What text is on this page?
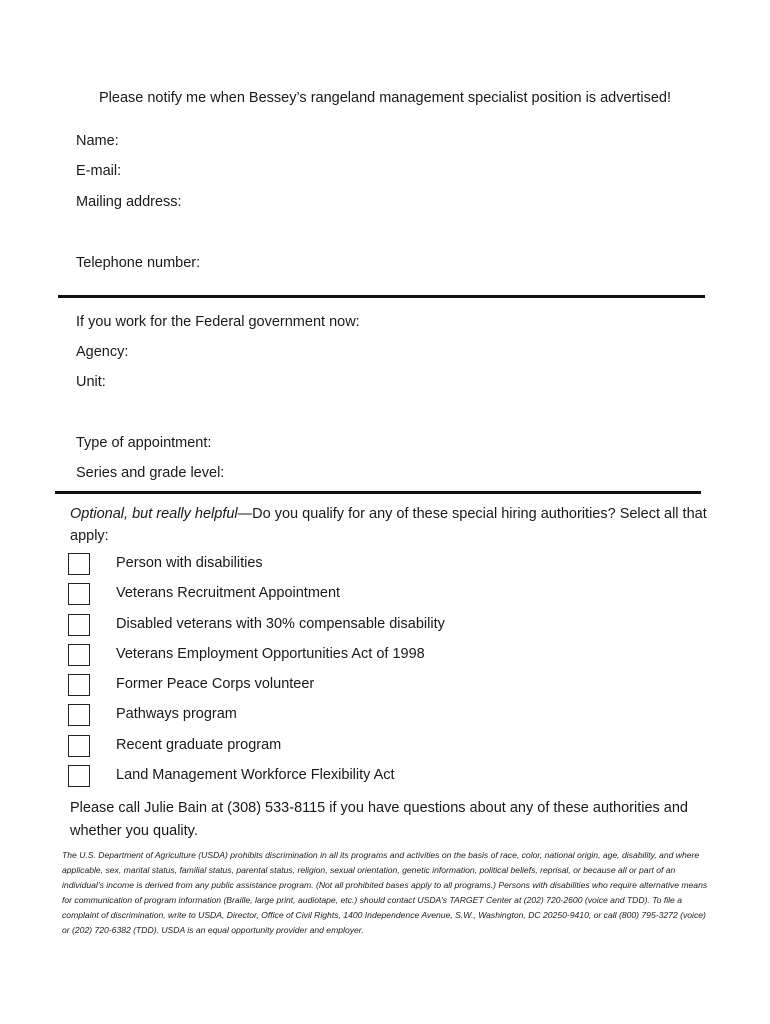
Please notify me when Bessey’s rangeland management specialist position is advertised!
Name:
E-mail:
Mailing address:
Telephone number:
If you work for the Federal government now:
Agency:
Unit:
Type of appointment:
Series and grade level:
Optional, but really helpful—Do you qualify for any of these special hiring authorities? Select all that apply:
Person with disabilities
Veterans Recruitment Appointment
Disabled veterans with 30% compensable disability
Veterans Employment Opportunities Act of 1998
Former Peace Corps volunteer
Pathways program
Recent graduate program
Land Management Workforce Flexibility Act
Please call Julie Bain at (308) 533-8115 if you have questions about any of these authorities and whether you quality.
The U.S. Department of Agriculture (USDA) prohibits discrimination in all its programs and activities on the basis of race, color, national origin, age, disability, and where applicable, sex, marital status, familial status, parental status, religion, sexual orientation, genetic information, political beliefs, reprisal, or because all or part of an individual’s income is derived from any public assistance program. (Not all prohibited bases apply to all programs.) Persons with disabilities who require alternative means for communication of program information (Braille, large print, audiotape, etc.) should contact USDA’s TARGET Center at (202) 720-2600 (voice and TDD). To file a complaint of discrimination, write to USDA, Director, Office of Civil Rights, 1400 Independence Avenue, S.W., Washington, DC 20250-9410, or call (800) 795-3272 (voice) or (202) 720-6382 (TDD). USDA is an equal opportunity provider and employer.
